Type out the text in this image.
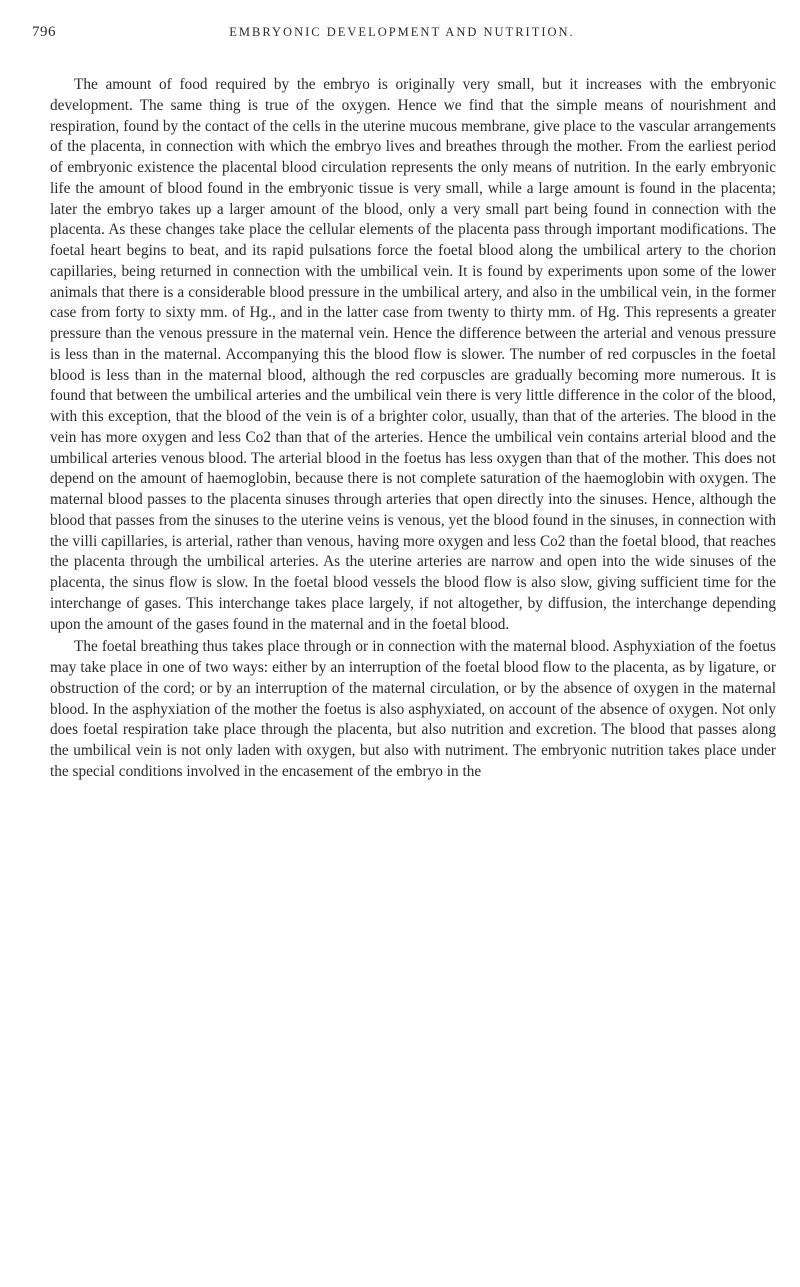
796	EMBRYONIC DEVELOPMENT AND NUTRITION.

The amount of food required by the embryo is originally very small, but it increases with the embryonic development. The same thing is true of the oxygen. Hence we find that the simple means of nourishment and respiration, found by the contact of the cells in the uterine mucous membrane, give place to the vascular arrangements of the placenta, in connection with which the embryo lives and breathes through the mother. From the earliest period of embryonic existence the placental blood circulation represents the only means of nutrition. In the early embryonic life the amount of blood found in the embryonic tissue is very small, while a large amount is found in the placenta; later the embryo takes up a larger amount of the blood, only a very small part being found in connection with the placenta. As these changes take place the cellular elements of the placenta pass through important modifications. The foetal heart begins to beat, and its rapid pulsations force the foetal blood along the umbilical artery to the chorion capillaries, being returned in connection with the umbilical vein. It is found by experiments upon some of the lower animals that there is a considerable blood pressure in the umbilical artery, and also in the umbilical vein, in the former case from forty to sixty mm. of Hg., and in the latter case from twenty to thirty mm. of Hg. This represents a greater pressure than the venous pressure in the maternal vein. Hence the difference between the arterial and venous pressure is less than in the maternal. Accompanying this the blood flow is slower. The number of red corpuscles in the foetal blood is less than in the maternal blood, although the red corpuscles are gradually becoming more numerous. It is found that between the umbilical arteries and the umbilical vein there is very little difference in the color of the blood, with this exception, that the blood of the vein is of a brighter color, usually, than that of the arteries. The blood in the vein has more oxygen and less Co2 than that of the arteries. Hence the umbilical vein contains arterial blood and the umbilical arteries venous blood. The arterial blood in the foetus has less oxygen than that of the mother. This does not depend on the amount of haemoglobin, because there is not complete saturation of the haemoglobin with oxygen. The maternal blood passes to the placenta sinuses through arteries that open directly into the sinuses. Hence, although the blood that passes from the sinuses to the uterine veins is venous, yet the blood found in the sinuses, in connection with the villi capillaries, is arterial, rather than venous, having more oxygen and less Co2 than the foetal blood, that reaches the placenta through the umbilical arteries. As the uterine arteries are narrow and open into the wide sinuses of the placenta, the sinus flow is slow. In the foetal blood vessels the blood flow is also slow, giving sufficient time for the interchange of gases. This interchange takes place largely, if not altogether, by diffusion, the interchange depending upon the amount of the gases found in the maternal and in the foetal blood.

The foetal breathing thus takes place through or in connection with the maternal blood. Asphyxiation of the foetus may take place in one of two ways: either by an interruption of the foetal blood flow to the placenta, as by ligature, or obstruction of the cord; or by an interruption of the maternal circulation, or by the absence of oxygen in the maternal blood. In the asphyxiation of the mother the foetus is also asphyxiated, on account of the absence of oxygen. Not only does foetal respiration take place through the placenta, but also nutrition and excretion. The blood that passes along the umbilical vein is not only laden with oxygen, but also with nutriment. The embryonic nutrition takes place under the special conditions involved in the encasement of the embryo in the
